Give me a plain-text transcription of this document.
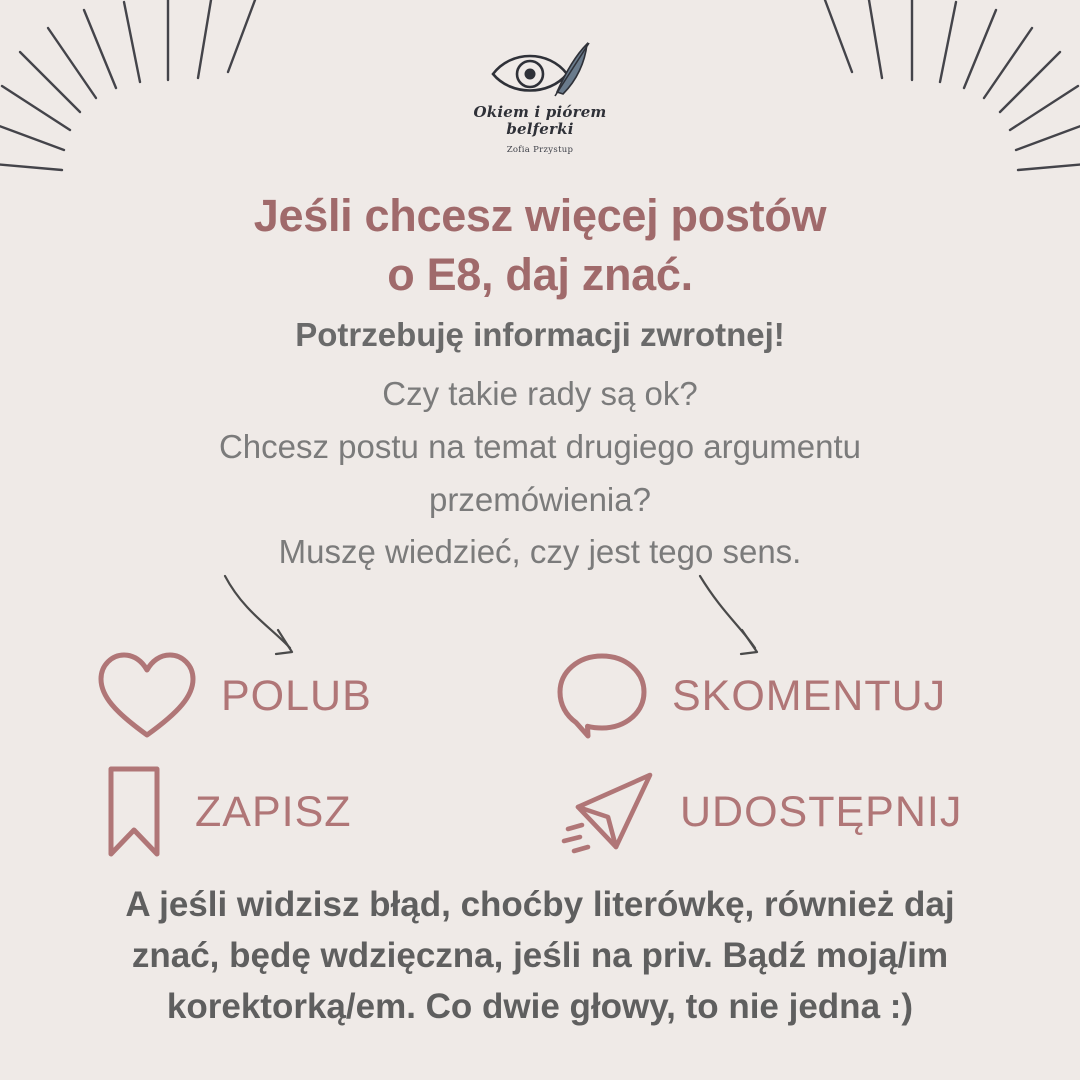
Okiem i piórem
belferki
Zofia Przystup
Jeśli chcesz więcej postów
o E8, daj znać.
Potrzebuję informacji zwrotnej!
Czy takie rady są ok?
Chcesz postu na temat drugiego argumentu
przemówienia?
Muszę wiedzieć, czy jest tego sens.
POLUB	SKOMENTUJ
ZAPISZ	UDOSTĘPNIJ
A jeśli widzisz błąd, choćby literówkę, również daj
znać, będę wdzięczna, jeśli na priv. Bądź moją/im
korektorką/em. Co dwie głowy, to nie jedna :)
